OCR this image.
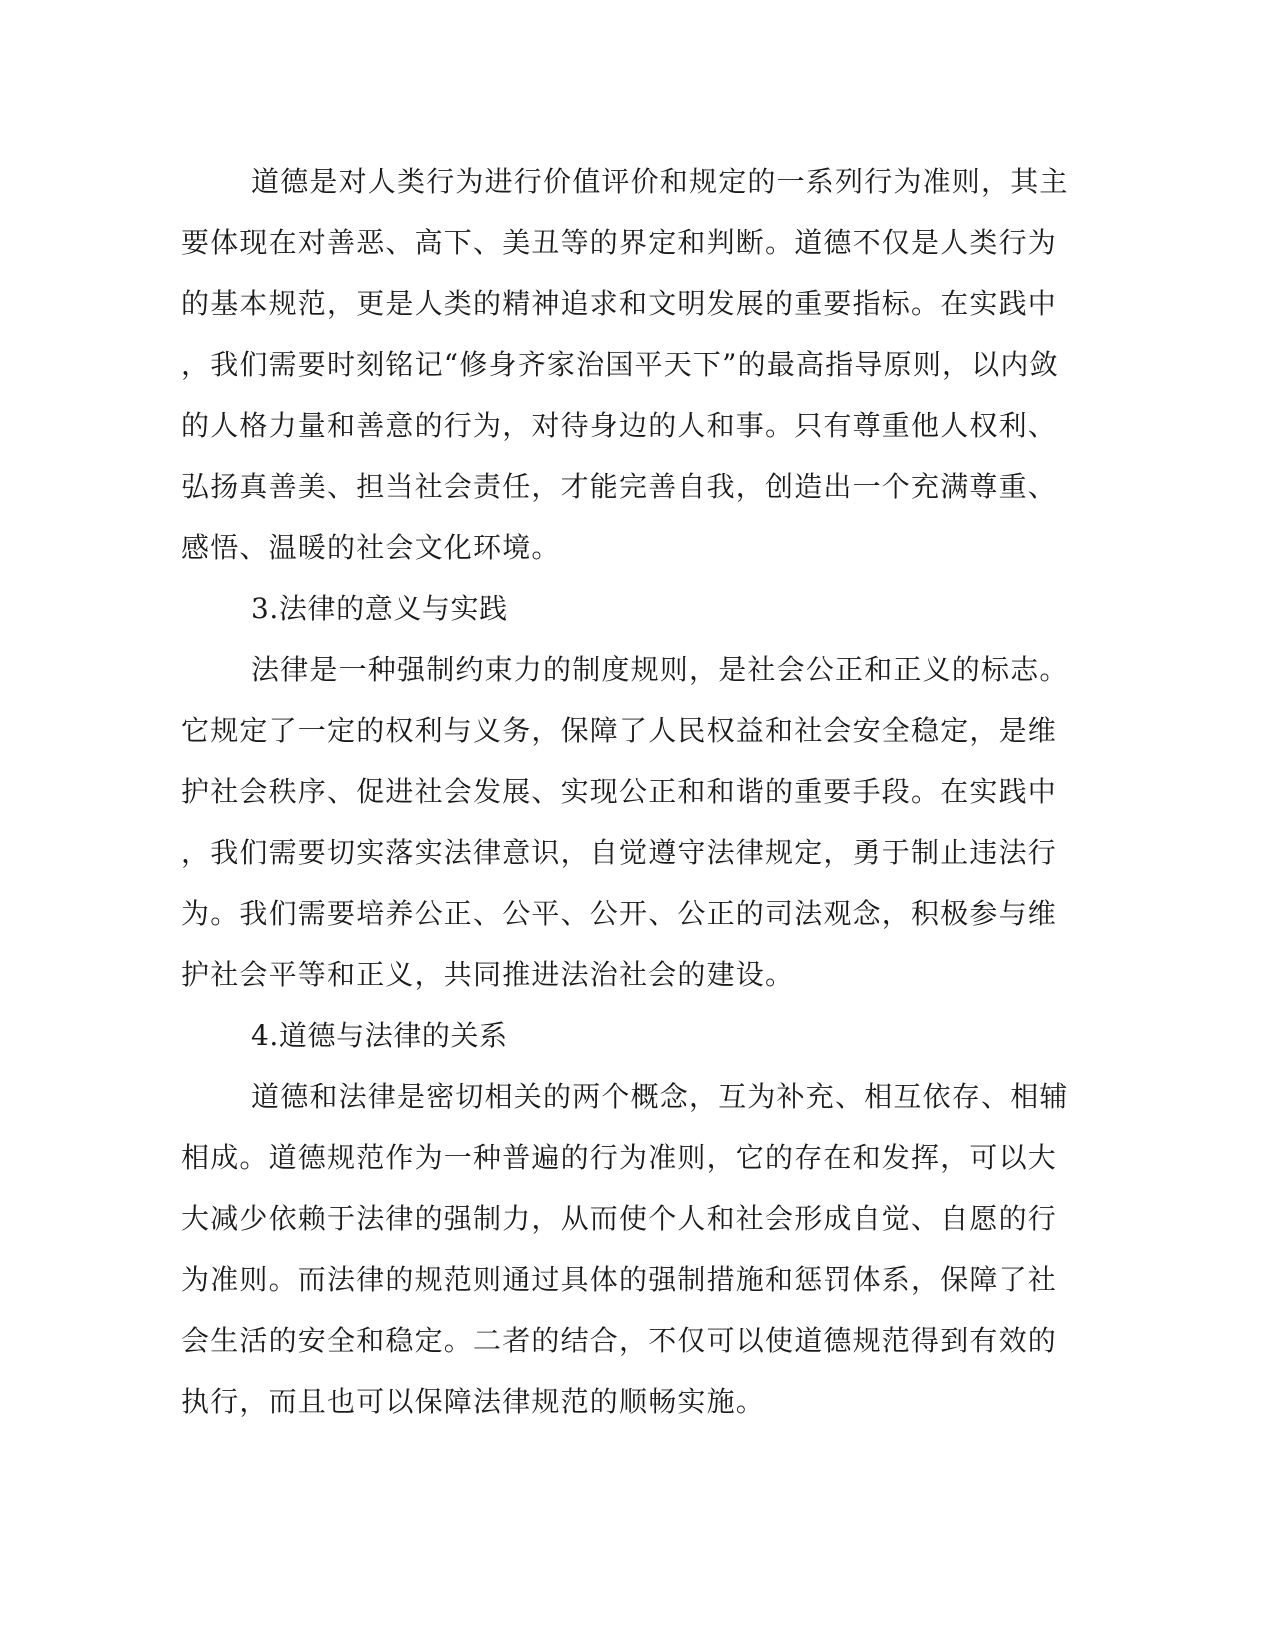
道德是对人类行为进行价值评价和规定的一系列行为准则，其主
要体现在对善恶、高下、美丑等的界定和判断。道德不仅是人类行为
的基本规范，更是人类的精神追求和文明发展的重要指标。在实践中
，我们需要时刻铭记“修身齐家治国平天下”的最高指导原则，以内敛
的人格力量和善意的行为，对待身边的人和事。只有尊重他人权利、
弘扬真善美、担当社会责任，才能完善自我，创造出一个充满尊重、
感悟、温暖的社会文化环境。
3.法律的意义与实践
法律是一种强制约束力的制度规则，是社会公正和正义的标志。
它规定了一定的权利与义务，保障了人民权益和社会安全稳定，是维
护社会秩序、促进社会发展、实现公正和和谐的重要手段。在实践中
，我们需要切实落实法律意识，自觉遵守法律规定，勇于制止违法行
为。我们需要培养公正、公平、公开、公正的司法观念，积极参与维
护社会平等和正义，共同推进法治社会的建设。
4.道德与法律的关系
道德和法律是密切相关的两个概念，互为补充、相互依存、相辅
相成。道德规范作为一种普遍的行为准则，它的存在和发挥，可以大
大减少依赖于法律的强制力，从而使个人和社会形成自觉、自愿的行
为准则。而法律的规范则通过具体的强制措施和惩罚体系，保障了社
会生活的安全和稳定。二者的结合，不仅可以使道德规范得到有效的
执行，而且也可以保障法律规范的顺畅实施。
